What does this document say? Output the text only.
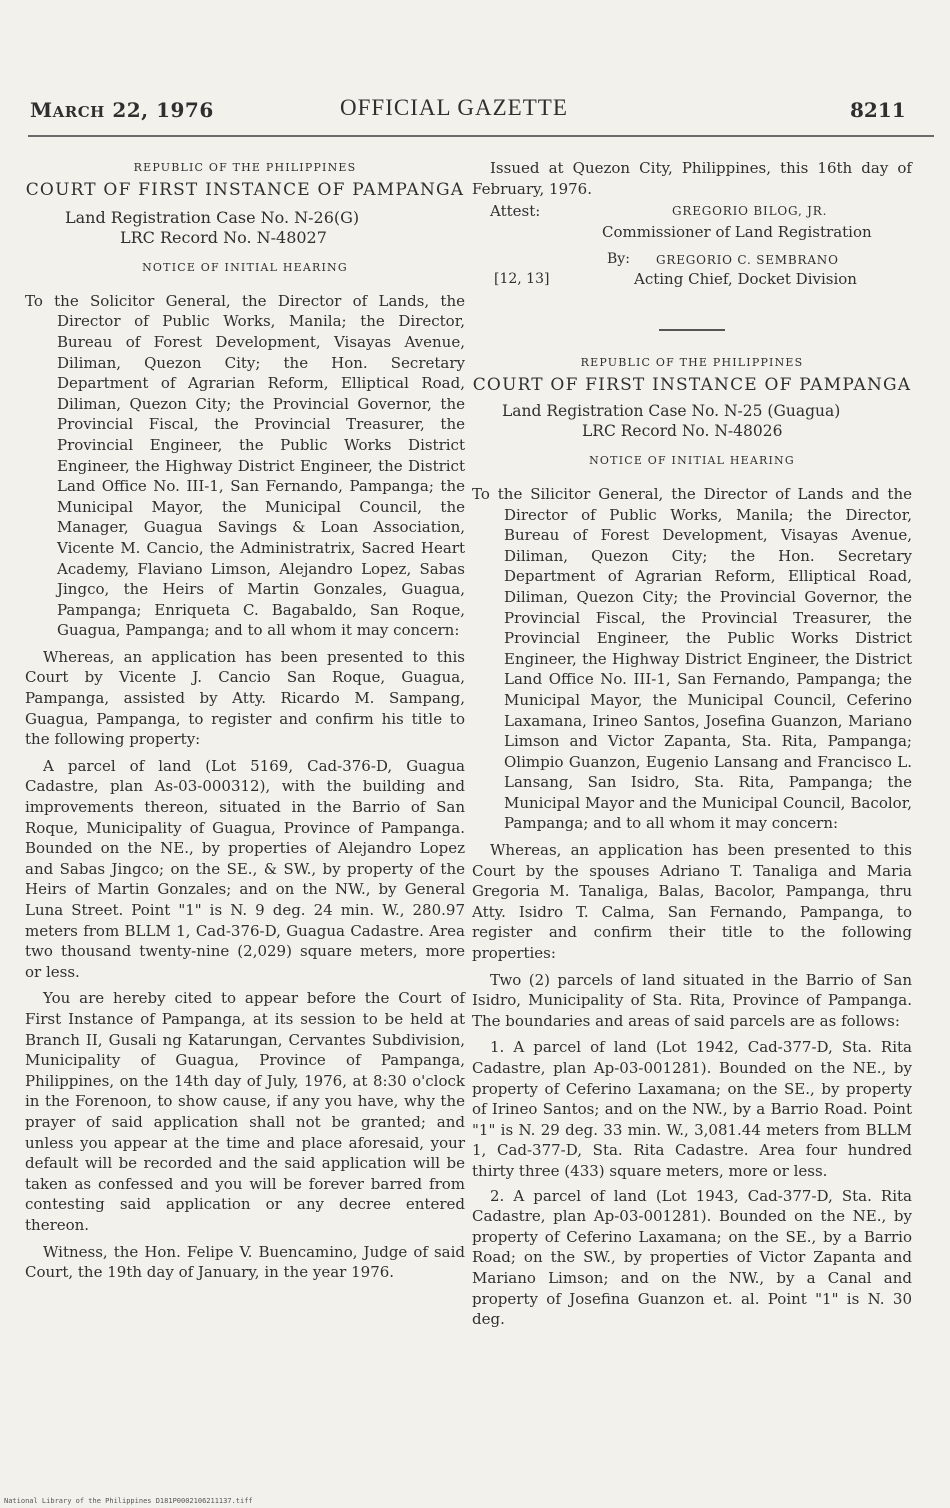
MARCH 22, 1976	OFFICIAL GAZETTE	8211
REPUBLIC OF THE PHILIPPINES
COURT OF FIRST INSTANCE OF PAMPANGA
Land Registration Case No. N-26(G)
LRC Record No. N-48027
NOTICE OF INITIAL HEARING

To the Solicitor General, the Director of Lands, the Director of Public Works, Manila; the Director, Bureau of Forest Development, Visayas Avenue, Diliman, Quezon City; the Hon. Secretary Department of Agrarian Reform, Elliptical Road, Diliman, Quezon City; the Provincial Governor, the Provincial Fiscal, the Provincial Treasurer, the Provincial Engineer, the Public Works District Engineer, the Highway District Engineer, the District Land Office No. III-1, San Fernando, Pampanga; the Municipal Mayor, the Municipal Council, the Manager, Guagua Savings & Loan Association, Vicente M. Cancio, the Administratrix, Sacred Heart Academy, Flaviano Limson, Alejandro Lopez, Sabas Jingco, the Heirs of Martin Gonzales, Guagua, Pampanga; Enriqueta C. Bagabaldo, San Roque, Guagua, Pampanga; and to all whom it may concern:

Whereas, an application has been presented to this Court by Vicente J. Cancio San Roque, Guagua, Pampanga, assisted by Atty. Ricardo M. Sampang, Guagua, Pampanga, to register and confirm his title to the following property:

A parcel of land (Lot 5169, Cad-376-D, Guagua Cadastre, plan As-03-000312), with the building and improvements thereon, situated in the Barrio of San Roque, Municipality of Guagua, Province of Pampanga. Bounded on the NE., by properties of Alejandro Lopez and Sabas Jingco; on the SE., & SW., by property of the Heirs of Martin Gonzales; and on the NW., by General Luna Street. Point "1" is N. 9 deg. 24 min. W., 280.97 meters from BLLM 1, Cad-376-D, Guagua Cadastre. Area two thousand twenty-nine (2,029) square meters, more or less.

You are hereby cited to appear before the Court of First Instance of Pampanga, at its session to be held at Branch II, Gusali ng Katarungan, Cervantes Subdivision, Municipality of Guagua, Province of Pampanga, Philippines, on the 14th day of July, 1976, at 8:30 o'clock in the Forenoon, to show cause, if any you have, why the prayer of said application shall not be granted; and unless you appear at the time and place aforesaid, your default will be recorded and the said application will be taken as confessed and you will be forever barred from contesting said application or any decree entered thereon.

Witness, the Hon. Felipe V. Buencamino, Judge of said Court, the 19th day of January, in the year 1976.

Issued at Quezon City, Philippines, this 16th day of February, 1976.

Attest:	GREGORIO BILOG, JR.
Commissioner of Land Registration
By: GREGORIO C. SEMBRANO
[12, 13]	Acting Chief, Docket Division
REPUBLIC OF THE PHILIPPINES
COURT OF FIRST INSTANCE OF PAMPANGA
Land Registration Case No. N-25 (Guagua)
LRC Record No. N-48026
NOTICE OF INITIAL HEARING

To the Silicitor General, the Director of Lands and the Director of Public Works, Manila; the Director, Bureau of Forest Development, Visayas Avenue, Diliman, Quezon City; the Hon. Secretary Department of Agrarian Reform, Elliptical Road, Diliman, Quezon City; the Provincial Governor, the Provincial Fiscal, the Provincial Treasurer, the Provincial Engineer, the Public Works District Engineer, the Highway District Engineer, the District Land Office No. III-1, San Fernando, Pampanga; the Municipal Mayor, the Municipal Council, Ceferino Laxamana, Irineo Santos, Josefina Guanzon, Mariano Limson and Victor Zapanta, Sta. Rita, Pampanga; Olimpio Guanzon, Eugenio Lansang and Francisco L. Lansang, San Isidro, Sta. Rita, Pampanga; the Municipal Mayor and the Municipal Council, Bacolor, Pampanga; and to all whom it may concern:

Whereas, an application has been presented to this Court by the spouses Adriano T. Tanaliga and Maria Gregoria M. Tanaliga, Balas, Bacolor, Pampanga, thru Atty. Isidro T. Calma, San Fernando, Pampanga, to register and confirm their title to the following properties:

Two (2) parcels of land situated in the Barrio of San Isidro, Municipality of Sta. Rita, Province of Pampanga. The boundaries and areas of said parcels are as follows:

1. A parcel of land (Lot 1942, Cad-377-D, Sta. Rita Cadastre, plan Ap-03-001281). Bounded on the NE., by property of Ceferino Laxamana; on the SE., by property of Irineo Santos; and on the NW., by a Barrio Road. Point "1" is N. 29 deg. 33 min. W., 3,081.44 meters from BLLM 1, Cad-377-D, Sta. Rita Cadastre. Area four hundred thirty three (433) square meters, more or less.

2. A parcel of land (Lot 1943, Cad-377-D, Sta. Rita Cadastre, plan Ap-03-001281). Bounded on the NE., by property of Ceferino Laxamana; on the SE., by a Barrio Road; on the SW., by properties of Victor Zapanta and Mariano Limson; and on the NW., by a Canal and property of Josefina Guanzon et. al. Point "1" is N. 30 deg.

National Library of the Philippines D181P0002106211137.tiff
